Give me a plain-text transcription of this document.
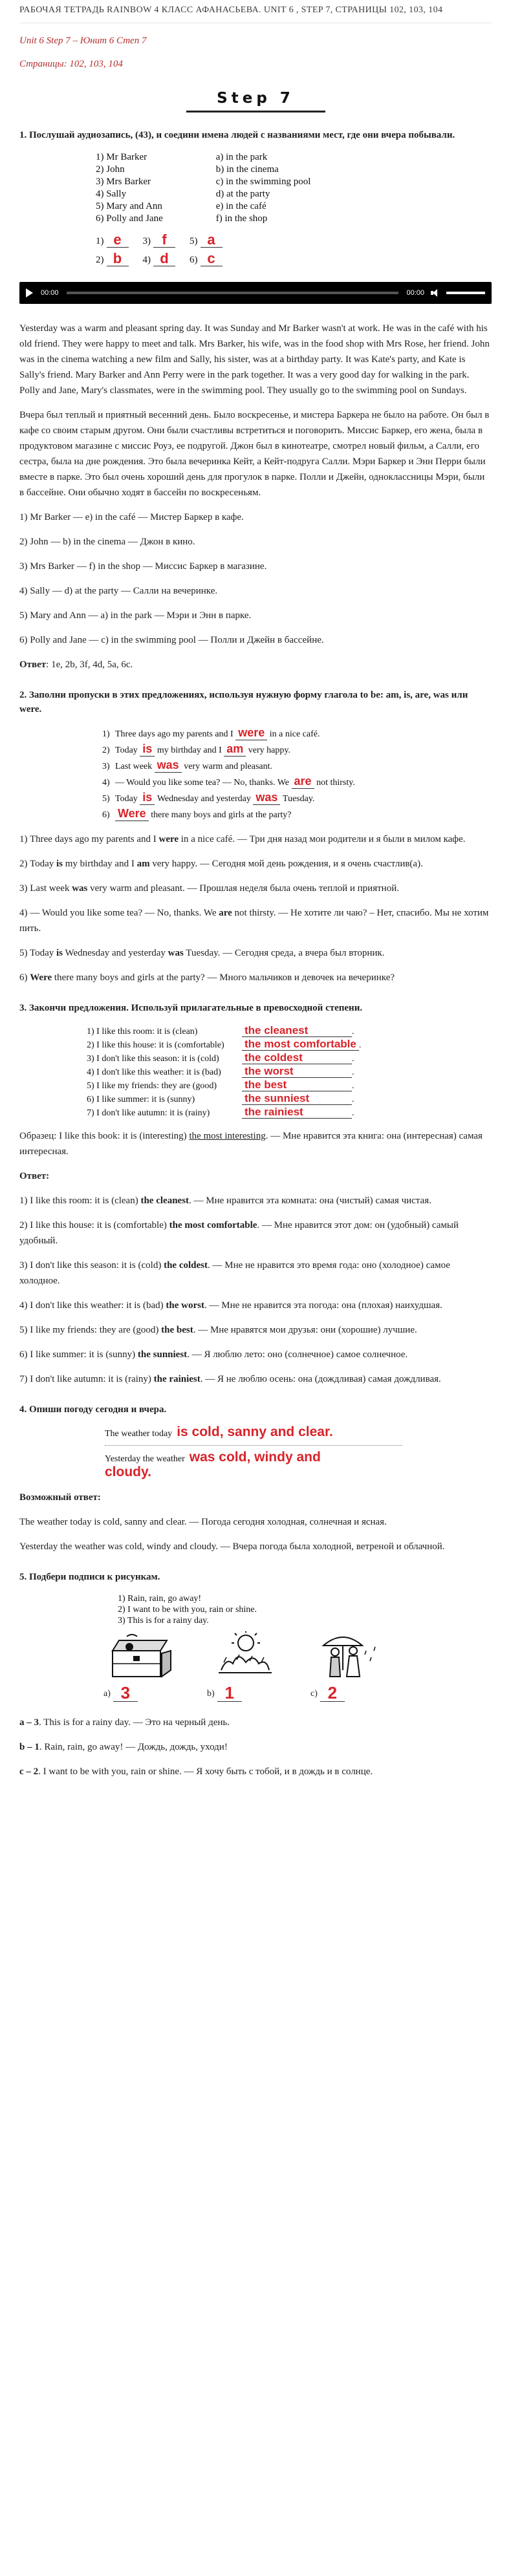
РАБОЧАЯ ТЕТРАДЬ RAINBOW 4 КЛАСС АФАНАСЬЕВА. UNIT 6 , STEP 7, СТРАНИЦЫ 102, 103, 104
Unit 6 Step 7 – Юнит 6 Степ 7
Страницы: 102, 103, 104
Step 7
1. Послушай аудиозапись, (43), и соедини имена людей с названиями мест, где они вчера побывали.
1) Mr Barker
2) John
3) Mrs Barker
4) Sally
5) Mary and Ann
6) Polly and Jane
a) in the park
b) in the cinema
c) in the swimming pool
d) at the party
e) in the café
f) in the shop
1) e	3) f	5) a
2) b	4) d	6) c
00:00	00:00

Yesterday was a warm and pleasant spring day. It was Sunday and Mr Barker wasn't at work. He was in the café with his old friend. They were happy to meet and talk. Mrs Barker, his wife, was in the food shop with Mrs Rose, her friend. John was in the cinema watching a new film and Sally, his sister, was at a birthday party. It was Kate's party, and Kate is Sally's friend. Mary Barker and Ann Perry were in the park together. It was a very good day for walking in the park. Polly and Jane, Mary's classmates, were in the swimming pool. They usually go to the swimming pool on Sundays.

Вчера был теплый и приятный весенний день. Было воскресенье, и мистера Баркера не было на работе. Он был в кафе со своим старым другом. Они были счастливы встретиться и поговорить. Миссис Баркер, его жена, была в продуктовом магазине с миссис Роуз, ее подругой. Джон был в кинотеатре, смотрел новый фильм, а Салли, его сестра, была на дне рождения. Это была вечеринка Кейт, а Кейт-подруга Салли. Мэри Баркер и Энн Перри были вместе в парке. Это был очень хороший день для прогулок в парке. Полли и Джейн, одноклассницы Мэри, были в бассейне. Они обычно ходят в бассейн по воскресеньям.

1) Mr Barker — e) in the café — Мистер Баркер в кафе.

2) John — b) in the cinema — Джон в кино.

3) Mrs Barker — f) in the shop — Миссис Баркер в магазине.

4) Sally — d) at the party — Салли на вечеринке.

5) Mary and Ann — a) in the park — Мэри и Энн в парке.

6) Polly and Jane — c) in the swimming pool — Полли и Джейн в бассейне.

Ответ: 1e, 2b, 3f, 4d, 5a, 6c.

2. Заполни пропуски в этих предложениях, используя нужную форму глагола to be: am, is, are, was или were.
1) Three days ago my parents and I
were
in a nice café.
2) Today
is
my birthday and I
am
very happy.
3) Last week
was
very warm and pleasant.
4) — Would you like some tea? — No, thanks. We
are
not thirsty.
5) Today
is
Wednesday and yesterday
was
Tuesday.
6) Were
there many boys and girls at the party?

1) Three days ago my parents and I were in a nice café. — Три дня назад мои родители и я были в милом кафе.

2) Today is my birthday and I am very happy. — Сегодня мой день рождения, и я очень счастлив(а).

3) Last week was very warm and pleasant. — Прошлая неделя была очень теплой и приятной.

4) — Would you like some tea? — No, thanks. We are not thirsty. — Не хотите ли чаю? – Нет, спасибо. Мы не хотим пить.

5) Today is Wednesday and yesterday was Tuesday. — Сегодня среда, а вчера был вторник.

6) Were there many boys and girls at the party? — Много мальчиков и девочек на вечеринке?

3. Закончи предложения. Используй прилагательные в превосходной степени.
1) I like this room: it is (clean)	the cleanest	.
2) I like this house: it is (comfortable)	the most comfortable .
3) I don't like this season: it is (cold)	the coldest	.
4) I don't like this weather: it is (bad)	the worst	.
5) I like my friends: they are (good)	the best	.
6) I like summer: it is (sunny)	the sunniest	.
7) I don't like autumn: it is (rainy)	the rainiest	.

Образец: I like this book: it is (interesting) the most interesting. — Мне нравится эта книга: она (интересная) самая интересная.

Ответ:

1) I like this room: it is (clean) the cleanest. — Мне нравится эта комната: она (чистый) самая чистая.

2) I like this house: it is (comfortable) the most comfortable. — Мне нравится этот дом: он (удобный) самый удобный.

3) I don't like this season: it is (cold) the coldest. — Мне не нравится это время года: оно (холодное) самое холодное.

4) I don't like this weather: it is (bad) the worst. — Мне не нравится эта погода: она (плохая) наихудшая.

5) I like my friends: they are (good) the best. — Мне нравятся мои друзья: они (хорошие) лучшие.

6) I like summer: it is (sunny) the sunniest. — Я люблю лето: оно (солнечное) самое солнечное.

7) I don't like autumn: it is (rainy) the rainiest. — Я не люблю осень: она (дождливая) самая дождливая.

4. Опиши погоду сегодня и вчера.
The weather today is cold, sanny and clear.
Yesterday the weather was cold, windy and
cloudy.

Возможный ответ:

The weather today is cold, sanny and clear. — Погода сегодня холодная, солнечная и ясная.

Yesterday the weather was cold, windy and cloudy. — Вчера погода была холодной, ветреной и облачной.

5. Подбери подписи к рисункам.
1) Rain, rain, go away!
2) I want to be with you, rain or shine.
3) This is for a rainy day.
a) 3	b) 1	c) 2

a – 3. This is for a rainy day. — Это на черный день.

b – 1. Rain, rain, go away! — Дождь, дождь, уходи!

c – 2. I want to be with you, rain or shine. — Я хочу быть с тобой, и в дождь и в солнце.
